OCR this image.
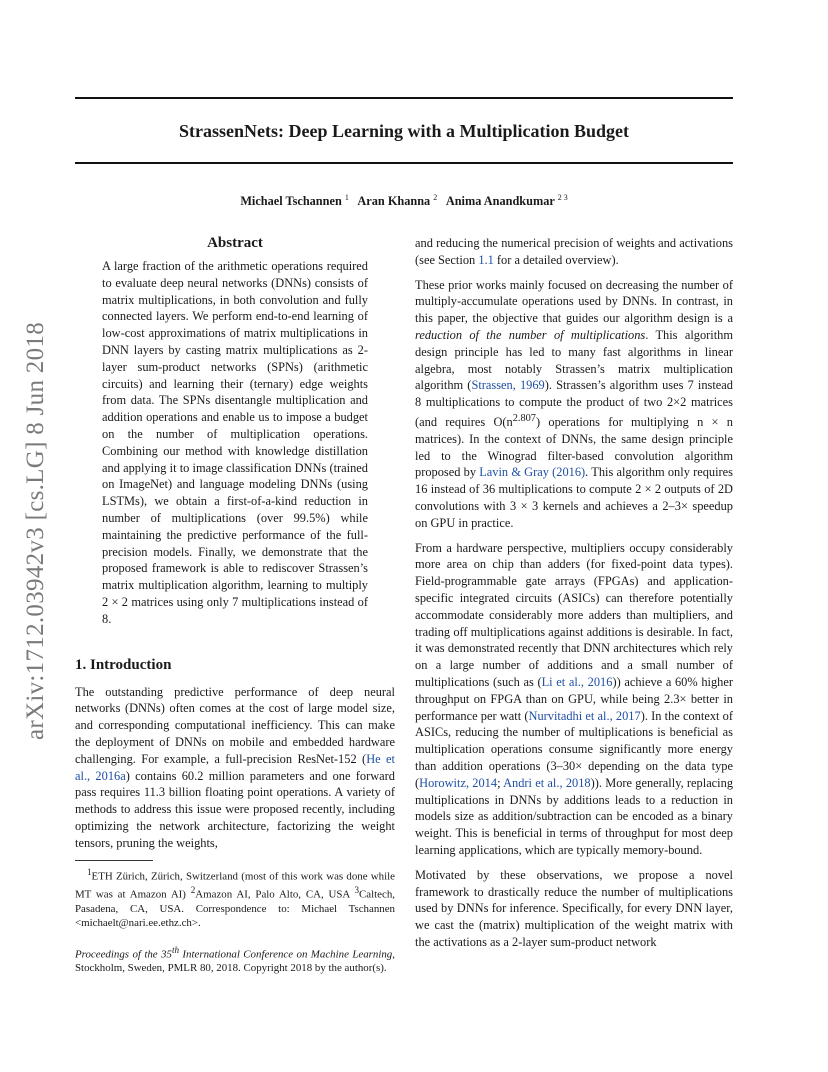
StrassenNets: Deep Learning with a Multiplication Budget
Michael Tschannen $^1$ Aran Khanna $^2$ Anima Anandkumar $^{2 3}$
arXiv:1712.03942v3 [cs.LG] 8 Jun 2018
Abstract

A large fraction of the arithmetic operations required to evaluate deep neural networks (DNNs) consists of matrix multiplications, in both convolution and fully connected layers. We perform end-to-end learning of low-cost approximations of matrix multiplications in DNN layers by casting matrix multiplications as 2-layer sum-product networks (SPNs) (arithmetic circuits) and learning their (ternary) edge weights from data. The SPNs disentangle multiplication and addition operations and enable us to impose a budget on the number of multiplication operations. Combining our method with knowledge distillation and applying it to image classification DNNs (trained on ImageNet) and language modeling DNNs (using LSTMs), we obtain a first-of-a-kind reduction in number of multiplications (over 99.5%) while maintaining the predictive performance of the full-precision models. Finally, we demonstrate that the proposed framework is able to rediscover Strassen’s matrix multiplication algorithm, learning to multiply 2 × 2 matrices using only 7 multiplications instead of 8.

1. Introduction

The outstanding predictive performance of deep neural networks (DNNs) often comes at the cost of large model size, and corresponding computational inefficiency. This can make the deployment of DNNs on mobile and embedded hardware challenging. For example, a full-precision ResNet-152 (He et al., 2016a) contains 60.2 million parameters and one forward pass requires 11.3 billion floating point operations. A variety of methods to address this issue were proposed recently, including optimizing the network architecture, factorizing the weight tensors, pruning the weights,

$^1$ETH Zürich, Zürich, Switzerland (most of this work was done while MT was at Amazon AI) $^2$Amazon AI, Palo Alto, CA, USA $^3$Caltech, Pasadena, CA, USA. Correspondence to: Michael Tschannen <michaelt@nari.ee.ethz.ch>.

Proceedings of the 35th International Conference on Machine Learning, Stockholm, Sweden, PMLR 80, 2018. Copyright 2018 by the author(s).

and reducing the numerical precision of weights and activations (see Section 1.1 for a detailed overview).

These prior works mainly focused on decreasing the number of multiply-accumulate operations used by DNNs. In contrast, in this paper, the objective that guides our algorithm design is a reduction of the number of multiplications. This algorithm design principle has led to many fast algorithms in linear algebra, most notably Strassen’s matrix multiplication algorithm (Strassen, 1969). Strassen’s algorithm uses 7 instead 8 multiplications to compute the product of two 2×2 matrices (and requires $O(n^{2.807})$ operations for multiplying n × n matrices). In the context of DNNs, the same design principle led to the Winograd filter-based convolution algorithm proposed by Lavin & Gray (2016). This algorithm only requires 16 instead of 36 multiplications to compute 2 × 2 outputs of 2D convolutions with 3 × 3 kernels and achieves a 2–3× speedup on GPU in practice.

From a hardware perspective, multipliers occupy considerably more area on chip than adders (for fixed-point data types). Field-programmable gate arrays (FPGAs) and application-specific integrated circuits (ASICs) can therefore potentially accommodate considerably more adders than multipliers, and trading off multiplications against additions is desirable. In fact, it was demonstrated recently that DNN architectures which rely on a large number of additions and a small number of multiplications (such as (Li et al., 2016)) achieve a 60% higher throughput on FPGA than on GPU, while being 2.3× better in performance per watt (Nurvitadhi et al., 2017). In the context of ASICs, reducing the number of multiplications is beneficial as multiplication operations consume significantly more energy than addition operations (3–30× depending on the data type (Horowitz, 2014; Andri et al., 2018)). More generally, replacing multiplications in DNNs by additions leads to a reduction in models size as addition/subtraction can be encoded as a binary weight. This is beneficial in terms of throughput for most deep learning applications, which are typically memory-bound.

Motivated by these observations, we propose a novel framework to drastically reduce the number of multiplications used by DNNs for inference. Specifically, for every DNN layer, we cast the (matrix) multiplication of the weight matrix with the activations as a 2-layer sum-product network
